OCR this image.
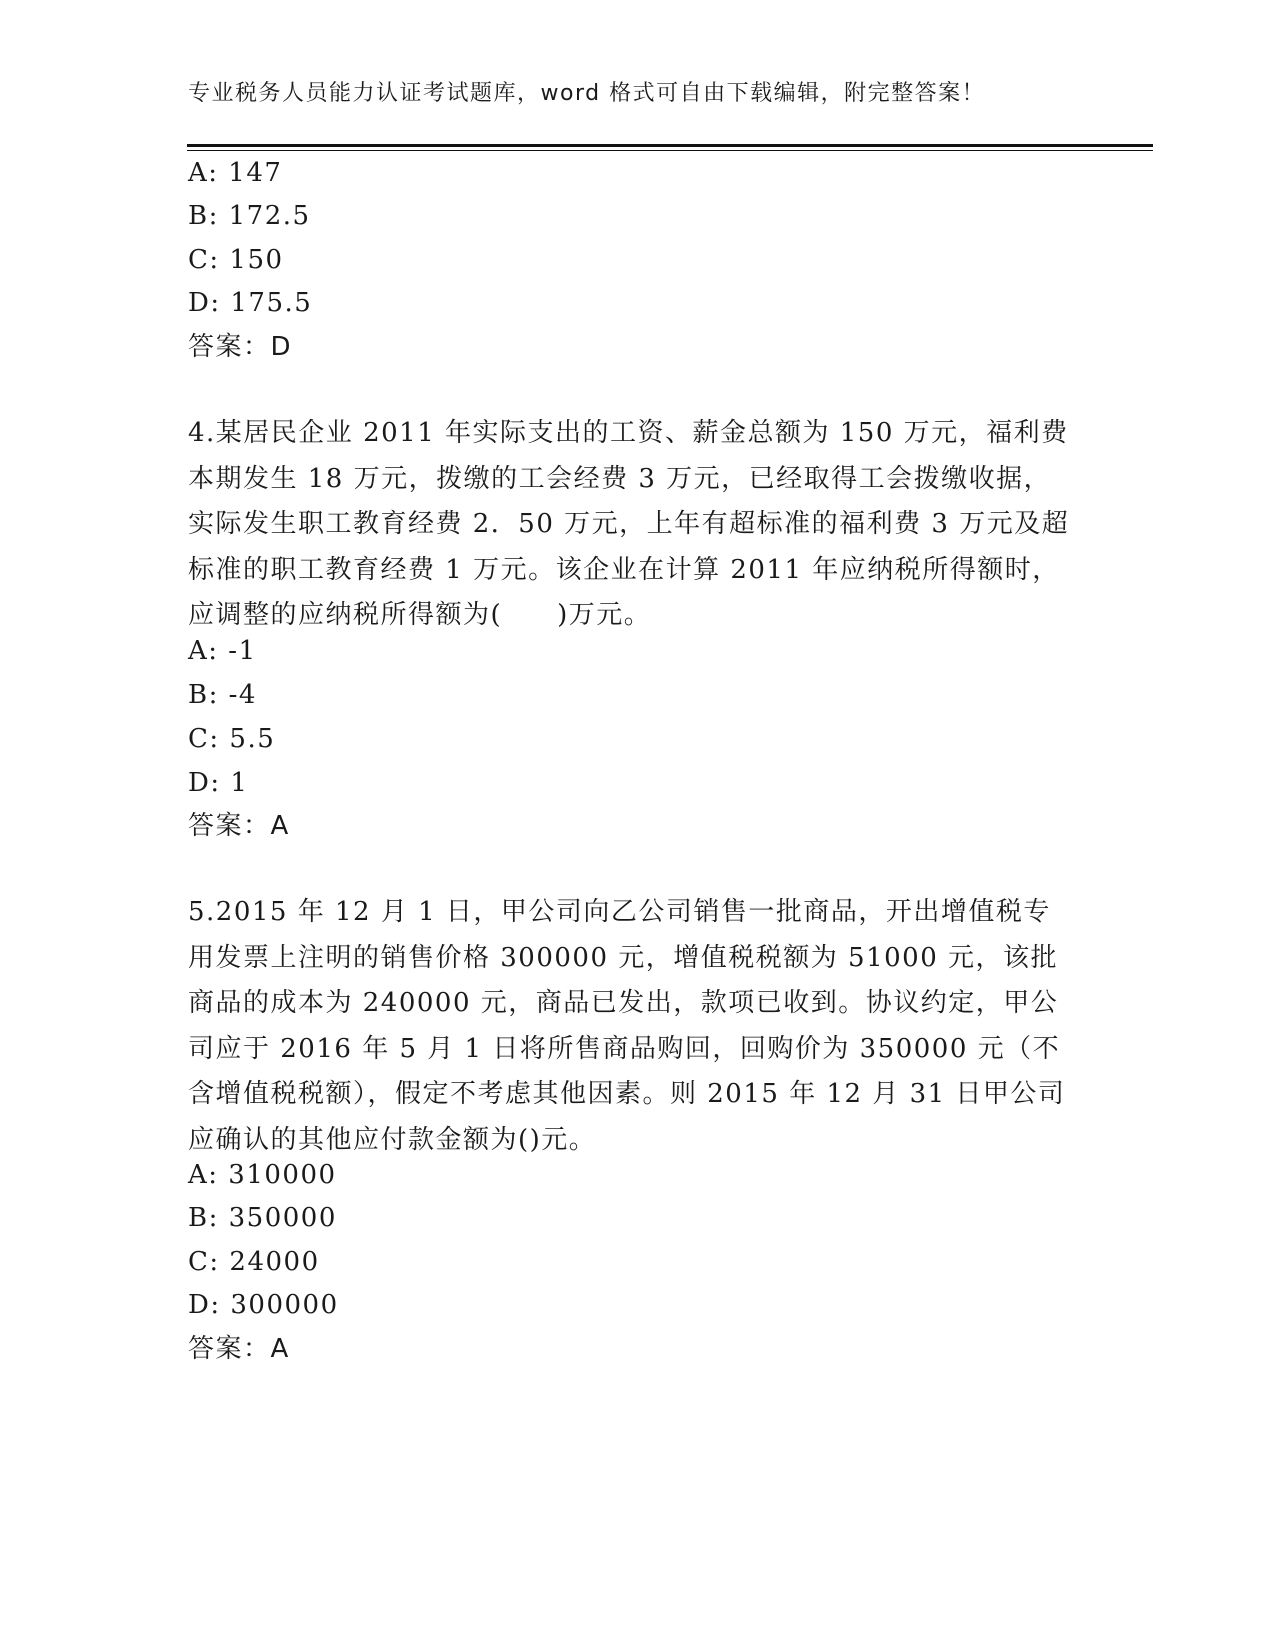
专业税务人员能力认证考试题库，word 格式可自由下载编辑，附完整答案！
A: 147
B: 172.5
C: 150
D: 175.5
答案：D
4.某居民企业 2011 年实际支出的工资、薪金总额为 150 万元，福利费本期发生 18 万元，拨缴的工会经费 3 万元，已经取得工会拨缴收据，实际发生职工教育经费 2．50 万元，上年有超标准的福利费 3 万元及超标准的职工教育经费 1 万元。该企业在计算 2011 年应纳税所得额时，应调整的应纳税所得额为(　　)万元。
A: -1
B: -4
C: 5.5
D: 1
答案：A
5.2015 年 12 月 1 日，甲公司向乙公司销售一批商品，开出增值税专用发票上注明的销售价格 300000 元，增值税税额为 51000 元，该批商品的成本为 240000 元，商品已发出，款项已收到。协议约定，甲公司应于 2016 年 5 月 1 日将所售商品购回，回购价为 350000 元（不含增值税税额），假定不考虑其他因素。则 2015 年 12 月 31 日甲公司应确认的其他应付款金额为()元。
A: 310000
B: 350000
C: 24000
D: 300000
答案：A
